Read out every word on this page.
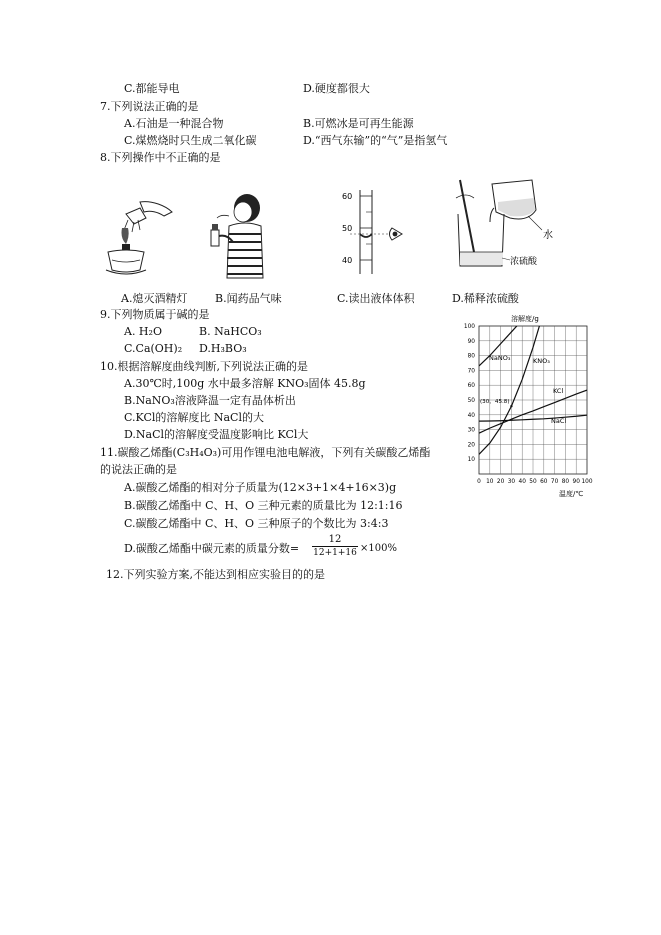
C.都能导电	D.硬度都很大
7.下列说法正确的是
A.石油是一种混合物	B.可燃冰是可再生能源
C.煤燃烧时只生成二氧化碳	D.“西气东输”的“气”是指氢气
8.下列操作中不正确的是
60
50
40
水
浓硫酸
A.熄灭酒精灯	B.闻药品气味	C.读出液体体积	D.稀释浓硫酸
9.下列物质属于碱的是
A. H₂O	B. NaHCO₃
C.Ca(OH)₂ D.H₃BO₃
10.根据溶解度曲线判断,下列说法正确的是
A.30℃时,100g 水中最多溶解 KNO₃固体 45.8g
B.NaNO₃溶液降温一定有晶体析出
C.KCl的溶解度比 NaCl的大
D.NaCl的溶解度受温度影响比 KCl大
11.碳酸乙烯酯(C₃H₄O₃)可用作锂电池电解液，下列有关碳酸乙烯酯
的说法正确的是
A.碳酸乙烯酯的相对分子质量为(12×3+1×4+16×3)g
B.碳酸乙烯酯中 C、H、O 三种元素的质量比为 12:1:16
C.碳酸乙烯酯中 C、H、O 三种原子的个数比为 3:4:3
D.碳酸乙烯酯中碳元素的质量分数= $\frac{12}{12+1+16} \times 100\%$
12.下列实验方案,不能达到相应实验目的的是
0 10 20 30 40 50 60 70 80 90 100
10
20
30
40
50
60
70
80
90
100
溶解度/g
温度/℃
(30，45.8)
NaNO₃	KNO₃
KCl
NaCl
